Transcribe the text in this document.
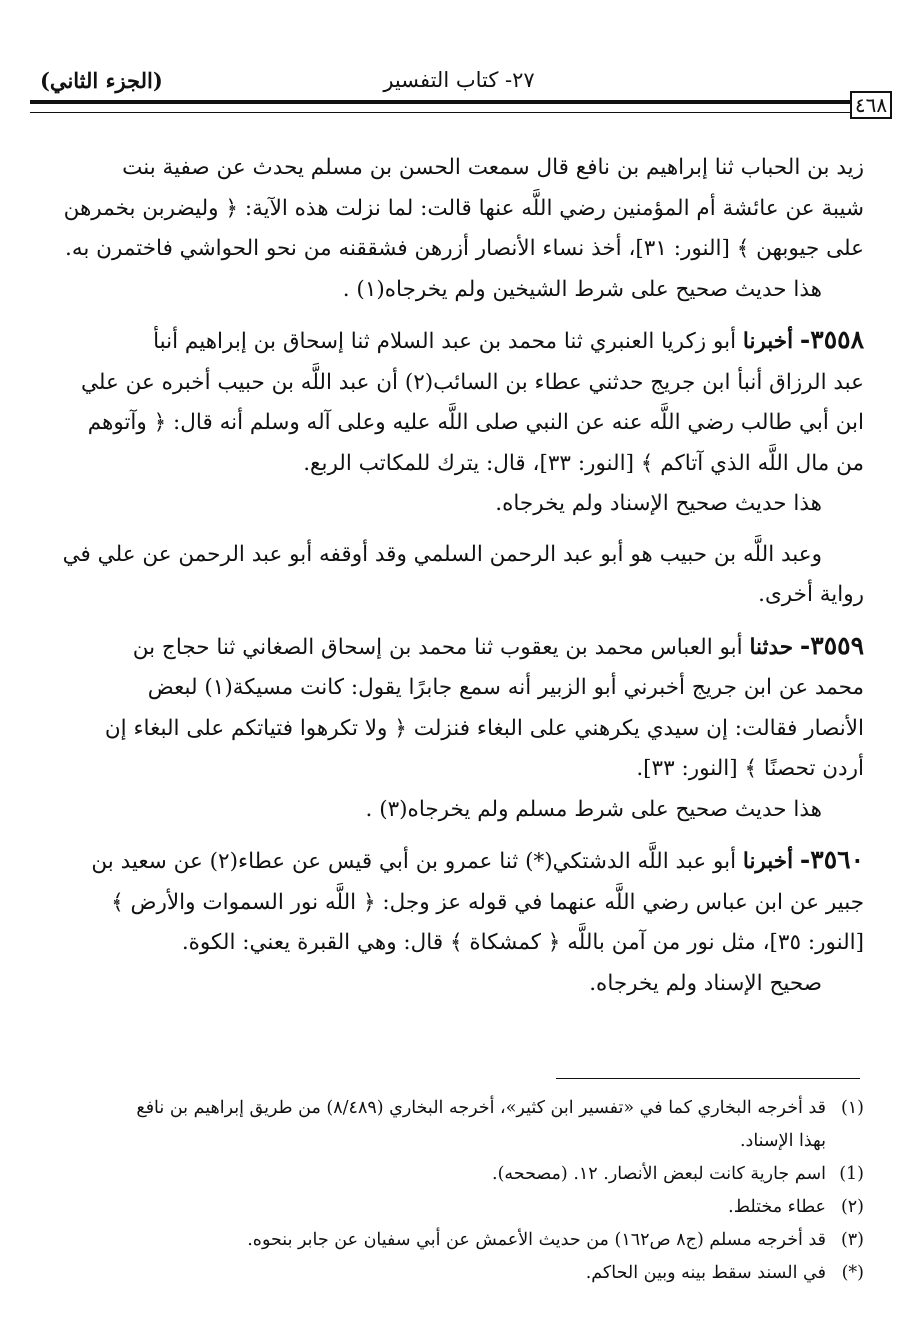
٢٧- كتاب التفسير
(الجزء الثاني)
٤٦٨

زيد بن الحباب ثنا إبراهيم بن نافع قال سمعت الحسن بن مسلم يحدث عن صفية بنت
شيبة عن عائشة أم المؤمنين رضي اللَّه عنها قالت: لما نزلت هذه الآية: ﴿ وليضربن بخمرهن
على جيوبهن ﴾ [النور: ٣١]، أخذ نساء الأنصار أزرهن فشققنه من نحو الحواشي فاختمرن به.

هذا حديث صحيح على شرط الشيخين ولم يخرجاه(١) .

٣٥٥٨- أخبرنا أبو زكريا العنبري ثنا محمد بن عبد السلام ثنا إسحاق بن إبراهيم أنبأ
عبد الرزاق أنبأ ابن جريج حدثني عطاء بن السائب(٢) أن عبد اللَّه بن حبيب أخبره عن علي
ابن أبي طالب رضي اللَّه عنه عن النبي صلى اللَّه عليه وعلى آله وسلم أنه قال: ﴿ وآتوهم
من مال اللَّه الذي آتاكم ﴾ [النور: ٣٣]، قال: يترك للمكاتب الربع.

هذا حديث صحيح الإسناد ولم يخرجاه.

وعبد اللَّه بن حبيب هو أبو عبد الرحمن السلمي وقد أوقفه أبو عبد الرحمن عن علي في
رواية أخرى.

٣٥٥٩- حدثنا أبو العباس محمد بن يعقوب ثنا محمد بن إسحاق الصغاني ثنا حجاج بن
محمد عن ابن جريج أخبرني أبو الزبير أنه سمع جابرًا يقول: كانت مسيكة(١) لبعض
الأنصار فقالت: إن سيدي يكرهني على البغاء فنزلت ﴿ ولا تكرهوا فتياتكم على البغاء إن
أردن تحصنًا ﴾ [النور: ٣٣].

هذا حديث صحيح على شرط مسلم ولم يخرجاه(٣) .

٣٥٦٠- أخبرنا أبو عبد اللَّه الدشتكي(*) ثنا عمرو بن أبي قيس عن عطاء(٢) عن سعيد بن
جبير عن ابن عباس رضي اللَّه عنهما في قوله عز وجل: ﴿ اللَّه نور السموات والأرض ﴾
[النور: ٣٥]، مثل نور من آمن باللَّه ﴿ كمشكاة ﴾ قال: وهي القبرة يعني: الكوة.

صحيح الإسناد ولم يخرجاه.

(١)قد أخرجه البخاري كما في «تفسير ابن كثير»، أخرجه البخاري (٨/٤٨٩) من طريق إبراهيم بن نافع
بهذا الإسناد.
(1)اسم جارية كانت لبعض الأنصار. ١٢. (مصححه).
(٢)عطاء مختلط.
(٣)قد أخرجه مسلم (ج٨ ص١٦٢) من حديث الأعمش عن أبي سفيان عن جابر بنحوه.
(*)في السند سقط بينه وبين الحاكم.
